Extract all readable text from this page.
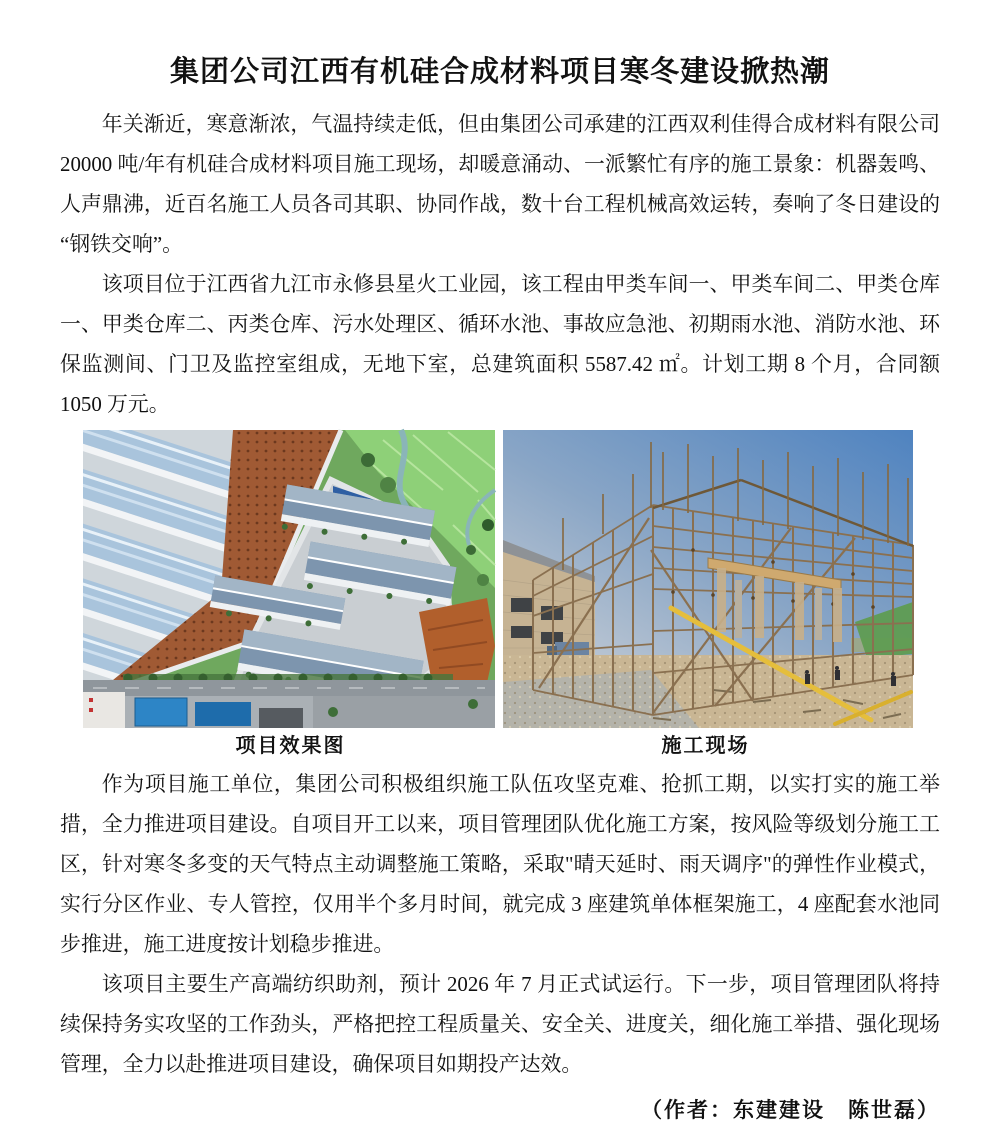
集团公司江西有机硅合成材料项目寒冬建设掀热潮

年关渐近，寒意渐浓，气温持续走低，但由集团公司承建的江西双利佳得合成材料有限公司 20000 吨/年有机硅合成材料项目施工现场，却暖意涌动、一派繁忙有序的施工景象：机器轰鸣、人声鼎沸，近百名施工人员各司其职、协同作战，数十台工程机械高效运转，奏响了冬日建设的“钢铁交响”。

该项目位于江西省九江市永修县星火工业园，该工程由甲类车间一、甲类车间二、甲类仓库一、甲类仓库二、丙类仓库、污水处理区、循环水池、事故应急池、初期雨水池、消防水池、环保监测间、门卫及监控室组成，无地下室，总建筑面积 5587.42 ㎡。计划工期 8 个月，合同额 1050 万元。

项目效果图	施工现场

作为项目施工单位，集团公司积极组织施工队伍攻坚克难、抢抓工期，以实打实的施工举措，全力推进项目建设。自项目开工以来，项目管理团队优化施工方案，按风险等级划分施工工区，针对寒冬多变的天气特点主动调整施工策略，采取"晴天延时、雨天调序"的弹性作业模式，实行分区作业、专人管控，仅用半个多月时间，就完成 3 座建筑单体框架施工，4 座配套水池同步推进，施工进度按计划稳步推进。

该项目主要生产高端纺织助剂，预计 2026 年 7 月正式试运行。下一步，项目管理团队将持续保持务实攻坚的工作劲头，严格把控工程质量关、安全关、进度关，细化施工举措、强化现场管理，全力以赴推进项目建设，确保项目如期投产达效。

（作者：东建建设　陈世磊）
